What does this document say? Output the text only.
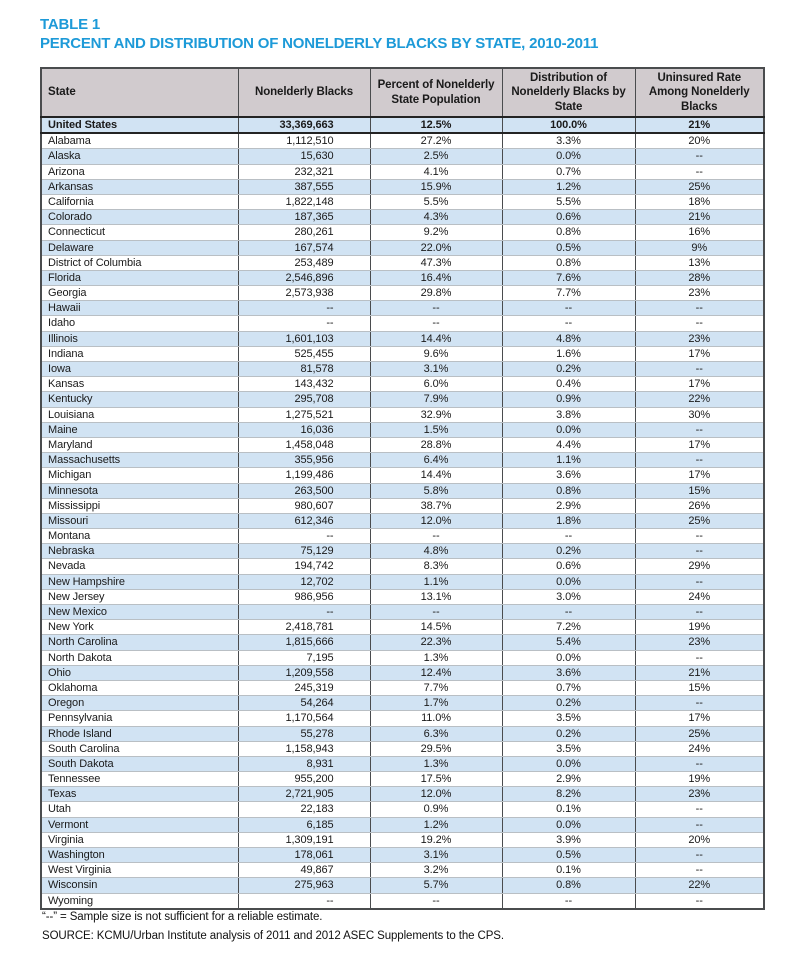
TABLE 1
PERCENT AND DISTRIBUTION OF NONELDERLY BLACKS BY STATE, 2010-2011
State	Nonelderly Blacks	Percent of Nonelderly State Population	Distribution of Nonelderly Blacks by State	Uninsured Rate Among Nonelderly Blacks
United States	33,369,663	12.5%	100.0%	21%
Alabama	1,112,510	27.2%	3.3%	20%
Alaska	15,630	2.5%	0.0%	--
Arizona	232,321	4.1%	0.7%	--
Arkansas	387,555	15.9%	1.2%	25%
California	1,822,148	5.5%	5.5%	18%
Colorado	187,365	4.3%	0.6%	21%
Connecticut	280,261	9.2%	0.8%	16%
Delaware	167,574	22.0%	0.5%	9%
District of Columbia	253,489	47.3%	0.8%	13%
Florida	2,546,896	16.4%	7.6%	28%
Georgia	2,573,938	29.8%	7.7%	23%
Hawaii	--	--	--	--
Idaho	--	--	--	--
Illinois	1,601,103	14.4%	4.8%	23%
Indiana	525,455	9.6%	1.6%	17%
Iowa	81,578	3.1%	0.2%	--
Kansas	143,432	6.0%	0.4%	17%
Kentucky	295,708	7.9%	0.9%	22%
Louisiana	1,275,521	32.9%	3.8%	30%
Maine	16,036	1.5%	0.0%	--
Maryland	1,458,048	28.8%	4.4%	17%
Massachusetts	355,956	6.4%	1.1%	--
Michigan	1,199,486	14.4%	3.6%	17%
Minnesota	263,500	5.8%	0.8%	15%
Mississippi	980,607	38.7%	2.9%	26%
Missouri	612,346	12.0%	1.8%	25%
Montana	--	--	--	--
Nebraska	75,129	4.8%	0.2%	--
Nevada	194,742	8.3%	0.6%	29%
New Hampshire	12,702	1.1%	0.0%	--
New Jersey	986,956	13.1%	3.0%	24%
New Mexico	--	--	--	--
New York	2,418,781	14.5%	7.2%	19%
North Carolina	1,815,666	22.3%	5.4%	23%
North Dakota	7,195	1.3%	0.0%	--
Ohio	1,209,558	12.4%	3.6%	21%
Oklahoma	245,319	7.7%	0.7%	15%
Oregon	54,264	1.7%	0.2%	--
Pennsylvania	1,170,564	11.0%	3.5%	17%
Rhode Island	55,278	6.3%	0.2%	25%
South Carolina	1,158,943	29.5%	3.5%	24%
South Dakota	8,931	1.3%	0.0%	--
Tennessee	955,200	17.5%	2.9%	19%
Texas	2,721,905	12.0%	8.2%	23%
Utah	22,183	0.9%	0.1%	--
Vermont	6,185	1.2%	0.0%	--
Virginia	1,309,191	19.2%	3.9%	20%
Washington	178,061	3.1%	0.5%	--
West Virginia	49,867	3.2%	0.1%	--
Wisconsin	275,963	5.7%	0.8%	22%
Wyoming	--	--	--	--
“--” = Sample size is not sufficient for a reliable estimate.
SOURCE: KCMU/Urban Institute analysis of 2011 and 2012 ASEC Supplements to the CPS.
